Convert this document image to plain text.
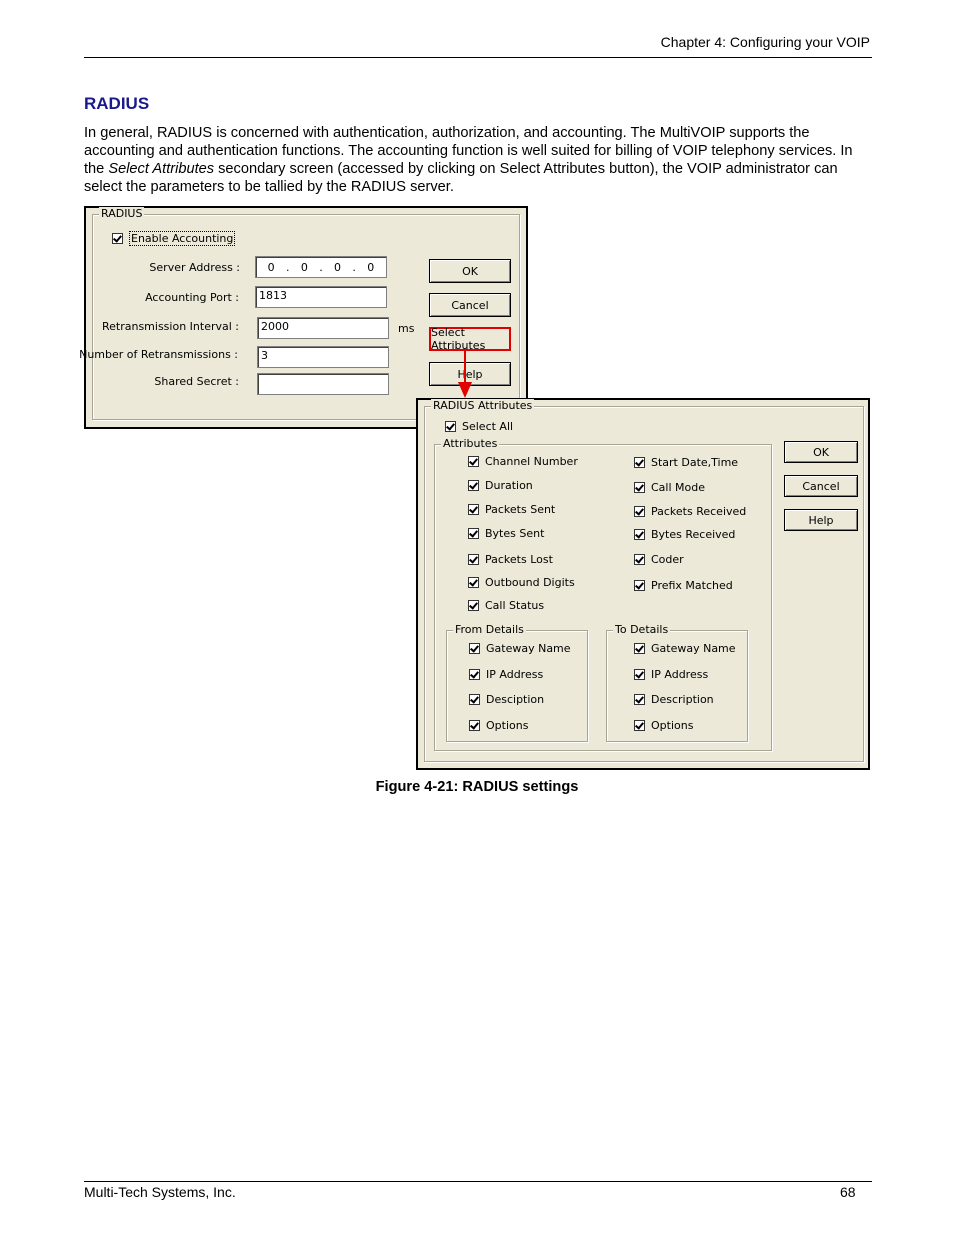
Chapter 4: Configuring your VOIP
RADIUS
In general, RADIUS is concerned with authentication, authorization, and accounting. The MultiVOIP supports the accounting and authentication functions. The accounting function is well suited for billing of VOIP telephony services. In the Select Attributes secondary screen (accessed by clicking on Select Attributes button), the VOIP administrator can select the parameters to be tallied by the RADIUS server.
RADIUS
Enable Accounting
Server Address :	0 . 0 . 0 . 0
Accounting Port :	1813
Retransmission Interval :	2000	ms
Number of Retransmissions :	3
Shared Secret :
OK
Cancel
Select Attributes
Help
RADIUS Attributes
Select All
Attributes
Channel Number
Duration
Packets Sent
Bytes Sent
Packets Lost
Outbound Digits
Call Status
Start Date,Time
Call Mode
Packets Received
Bytes Received
Coder
Prefix Matched
From Details
Gateway Name
IP Address
Desciption
Options
To Details
Gateway Name
IP Address
Description
Options
OK
Cancel
Help
Figure 4-21: RADIUS settings
Multi-Tech Systems, Inc.	68
